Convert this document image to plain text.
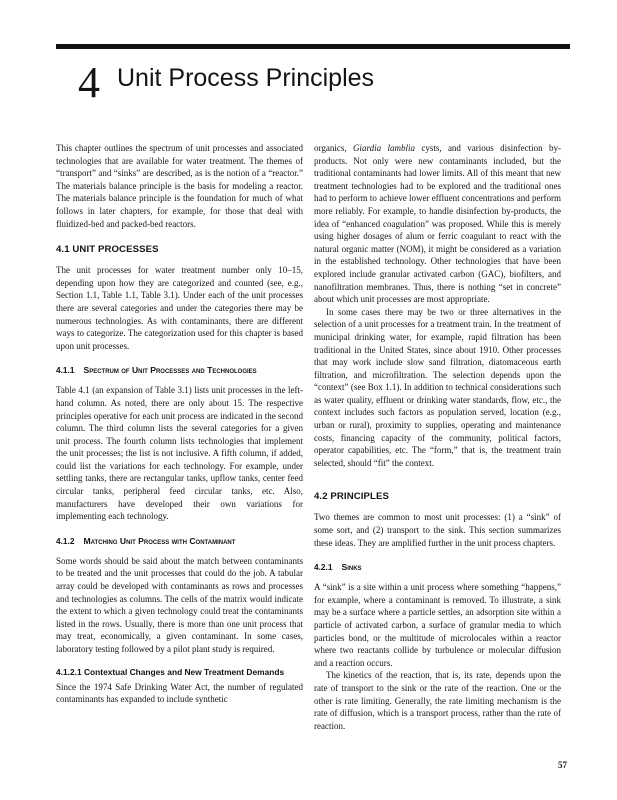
4 Unit Process Principles

This chapter outlines the spectrum of unit processes and associated technologies that are available for water treatment. The themes of “transport” and “sinks” are described, as is the notion of a “reactor.” The materials balance principle is the basis for modeling a reactor. The materials balance principle is the foundation for much of what follows in later chapters, for example, for those that deal with fluidized-bed and packed-bed reactors.

4.1 UNIT PROCESSES

The unit processes for water treatment number only 10–15, depending upon how they are categorized and counted (see, e.g., Section 1.1, Table 1.1, Table 3.1). Under each of the unit processes there are several categories and under the categories there may be numerous technologies. As with contaminants, there are different ways to categorize. The categorization used for this chapter is based upon unit processes.

4.1.1 Spectrum of Unit Processes and Technologies

Table 4.1 (an expansion of Table 3.1) lists unit processes in the left-hand column. As noted, there are only about 15. The respective principles operative for each unit process are indicated in the second column. The third column lists the several categories for a given unit process. The fourth column lists technologies that implement the unit processes; the list is not inclusive. A fifth column, if added, could list the variations for each technology. For example, under settling tanks, there are rectangular tanks, upflow tanks, center feed circular tanks, peripheral feed circular tanks, etc. Also, manufacturers have developed their own variations for implementing each technology.

4.1.2 Matching Unit Process with Contaminant

Some words should be said about the match between contaminants to be treated and the unit processes that could do the job. A tabular array could be developed with contaminants as rows and processes and technologies as columns. The cells of the matrix would indicate the extent to which a given technology could treat the contaminants listed in the rows. Usually, there is more than one unit process that may treat, economically, a given contaminant. In some cases, laboratory testing followed by a pilot plant study is required.

4.1.2.1 Contextual Changes and New Treatment Demands

Since the 1974 Safe Drinking Water Act, the number of regulated contaminants has expanded to include synthetic

organics, Giardia lamblia cysts, and various disinfection by-products. Not only were new contaminants included, but the traditional contaminants had lower limits. All of this meant that new treatment technologies had to be explored and the traditional ones had to perform to achieve lower effluent concentrations and perform more reliably. For example, to handle disinfection by-products, the idea of “enhanced coagulation” was proposed. While this is merely using higher dosages of alum or ferric coagulant to react with the natural organic matter (NOM), it might be considered as a variation in the established technology. Other technologies that have been explored include granular activated carbon (GAC), biofilters, and nanofiltration membranes. Thus, there is nothing “set in concrete” about which unit processes are most appropriate.

In some cases there may be two or three alternatives in the selection of a unit processes for a treatment train. In the treatment of municipal drinking water, for example, rapid filtration has been traditional in the United States, since about 1910. Other processes that may work include slow sand filtration, diatomaceous earth filtration, and microfiltration. The selection depends upon the “context” (see Box 1.1). In addition to technical considerations such as water quality, effluent or drinking water standards, flow, etc., the context includes such factors as population served, location (e.g., urban or rural), proximity to supplies, operating and maintenance costs, financing capacity of the community, political factors, operator capabilities, etc. The “form,” that is, the treatment train selected, should “fit” the context.

4.2 PRINCIPLES

Two themes are common to most unit processes: (1) a “sink” of some sort, and (2) transport to the sink. This section summarizes these ideas. They are amplified further in the unit process chapters.

4.2.1 Sinks

A “sink” is a site within a unit process where something “happens,” for example, where a contaminant is removed. To illustrate, a sink may be a surface where a particle settles, an adsorption site within a particle of activated carbon, a surface of granular media to which particles bond, or the multitude of microlocales within a reactor where two reactants collide by turbulence or molecular diffusion and a reaction occurs.

The kinetics of the reaction, that is, its rate, depends upon the rate of transport to the sink or the rate of the reaction. One or the other is rate limiting. Generally, the rate limiting mechanism is the rate of diffusion, which is a transport process, rather than the rate of reaction.

57
